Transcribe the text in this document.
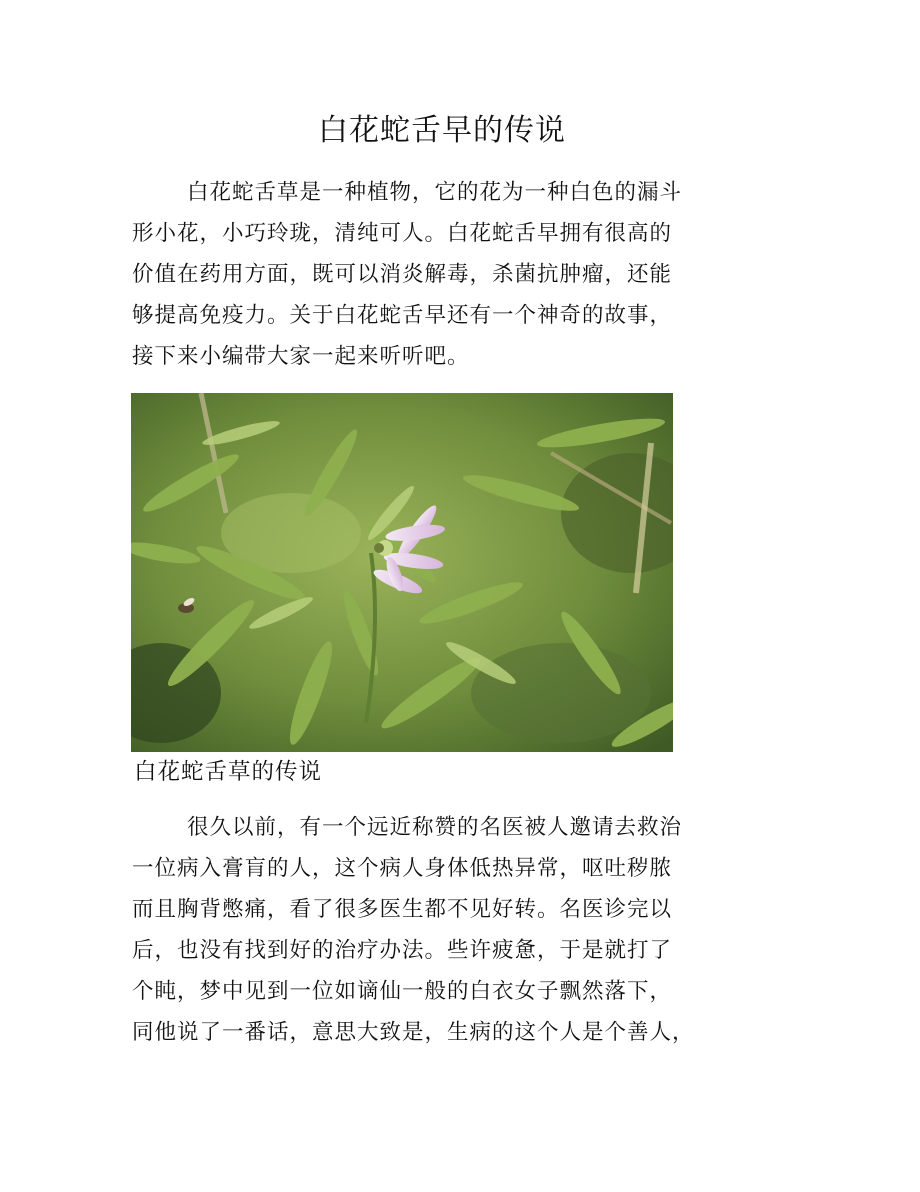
白花蛇舌早的传说

白花蛇舌草是一种植物，它的花为一种白色的漏斗
形小花，小巧玲珑，清纯可人。白花蛇舌早拥有很高的
价值在药用方面，既可以消炎解毒，杀菌抗肿瘤，还能
够提高免疫力。关于白花蛇舌早还有一个神奇的故事，
接下来小编带大家一起来听听吧。

白花蛇舌草的传说

很久以前，有一个远近称赞的名医被人邀请去救治
一位病入膏肓的人，这个病人身体低热异常，呕吐秽脓
而且胸背憋痛，看了很多医生都不见好转。名医诊完以
后，也没有找到好的治疗办法。些许疲惫，于是就打了
个盹，梦中见到一位如谪仙一般的白衣女子飘然落下，
同他说了一番话，意思大致是，生病的这个人是个善人，
